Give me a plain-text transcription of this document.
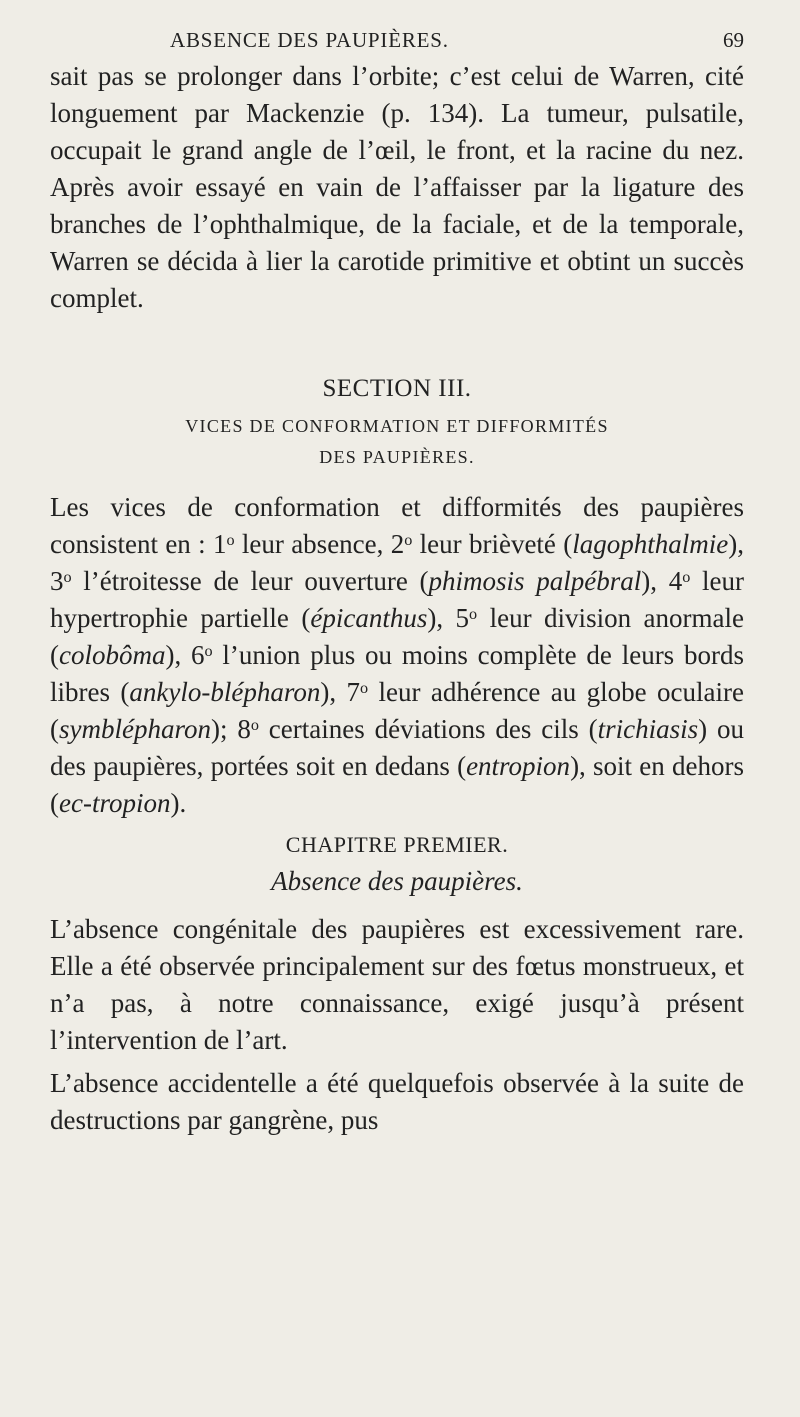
ABSENCE DES PAUPIÈRES.	69

sait pas se prolonger dans l’orbite; c’est celui de Warren, cité longuement par Mackenzie (p. 134). La tumeur, pulsatile, occupait le grand angle de l’œil, le front, et la racine du nez. Après avoir essayé en vain de l’affaisser par la ligature des branches de l’ophthalmique, de la faciale, et de la temporale, Warren se décida à lier la carotide primitive et obtint un succès complet.

SECTION III.
VICES DE CONFORMATION ET DIFFORMITÉS
DES PAUPIÈRES.

Les vices de conformation et difformités des paupières consistent en : 1$^o$ leur absence, 2$^o$ leur brièveté (lagophthalmie), 3$^o$ l’étroitesse de leur ouverture (phimosis palpébral), 4$^o$ leur hypertrophie partielle (épicanthus), 5$^o$ leur division anormale (colobôma), 6$^o$ l’union plus ou moins complète de leurs bords libres (ankylo-blépharon), 7$^o$ leur adhérence au globe oculaire (symblépharon); 8$^o$ certaines déviations des cils (trichiasis) ou des paupières, portées soit en dedans (entropion), soit en dehors (ec-tropion).

CHAPITRE PREMIER.
Absence des paupières.

L’absence congénitale des paupières est excessivement rare. Elle a été observée principalement sur des fœtus monstrueux, et n’a pas, à notre connaissance, exigé jusqu’à présent l’intervention de l’art.

L’absence accidentelle a été quelquefois observée à la suite de destructions par gangrène, pus
